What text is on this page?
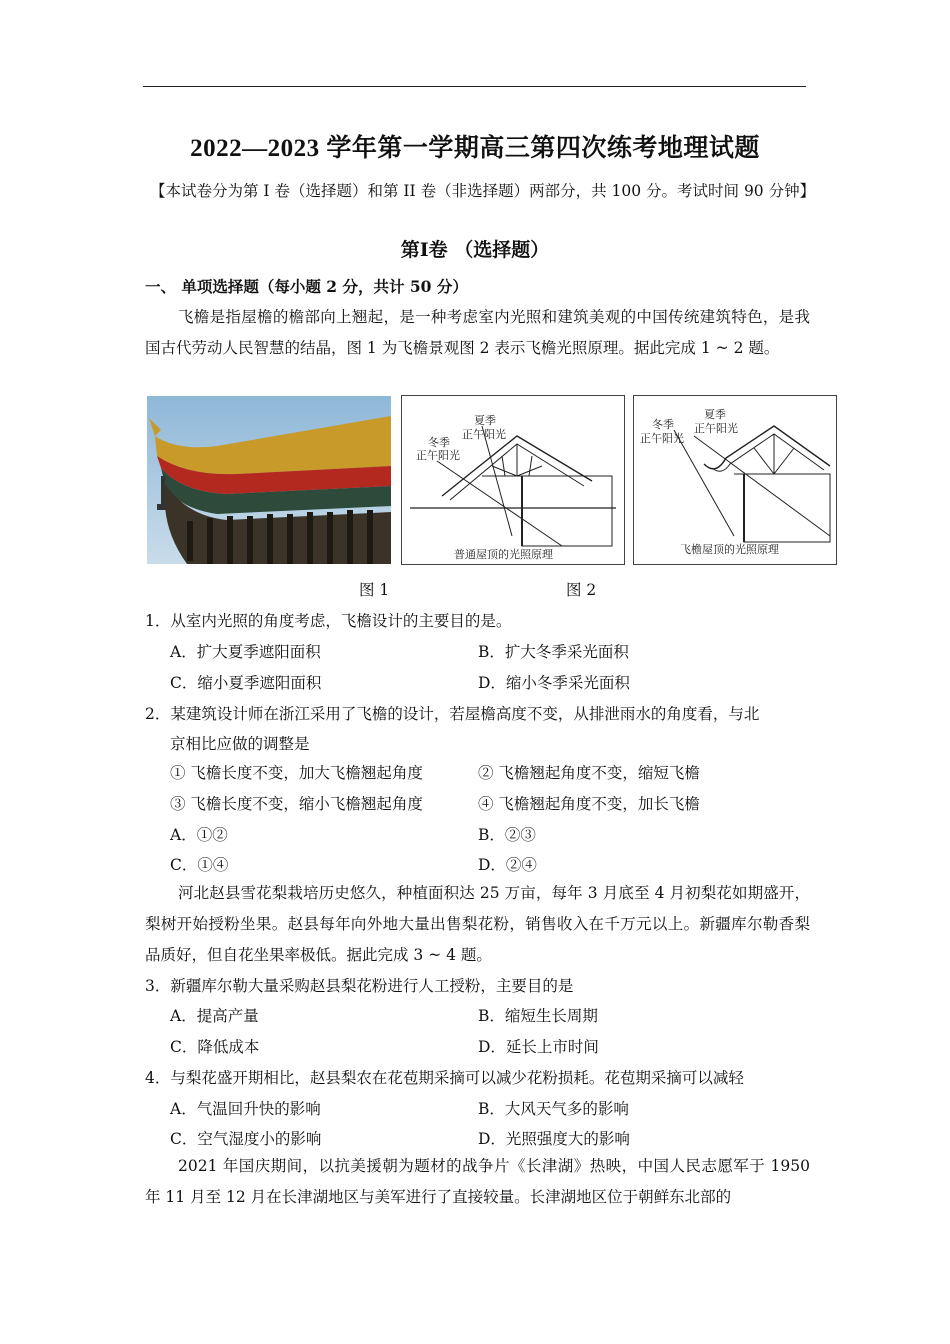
2022—2023 学年第一学期高三第四次练考地理试题
【本试卷分为第 I 卷（选择题）和第 II 卷（非选择题）两部分，共 100 分。考试时间 90 分钟】
第Ⅰ卷 （选择题）
一、 单项选择题（每小题 2 分，共计 50 分）
飞檐是指屋檐的檐部向上翘起，是一种考虑室内光照和建筑美观的中国传统建筑特色，是我国古代劳动人民智慧的结晶，图 1 为飞檐景观图 2 表示飞檐光照原理。据此完成 1 ~ 2 题。
夏季
正午阳光
冬季
正午阳光
普通屋顶的光照原理
冬季
正午阳光
夏季
正午阳光
飞檐屋顶的光照原理
图 1	图 2
1．从室内光照的角度考虑，飞檐设计的主要目的是。
A．扩大夏季遮阳面积	B．扩大冬季采光面积
C．缩小夏季遮阳面积	D．缩小冬季采光面积
2．某建筑设计师在浙江采用了飞檐的设计，若屋檐高度不变，从排泄雨水的角度看，与北
京相比应做的调整是
① 飞檐长度不变，加大飞檐翘起角度	② 飞檐翘起角度不变，缩短飞檐
③ 飞檐长度不变，缩小飞檐翘起角度	④ 飞檐翘起角度不变，加长飞檐
A．①②	B．②③
C．①④	D．②④
河北赵县雪花梨栽培历史悠久，种植面积达 25 万亩，每年 3 月底至 4 月初梨花如期盛开，梨树开始授粉坐果。赵县每年向外地大量出售梨花粉，销售收入在千万元以上。新疆库尔勒香梨品质好，但自花坐果率极低。据此完成 3 ~ 4 题。
3．新疆库尔勒大量采购赵县梨花粉进行人工授粉，主要目的是
A．提高产量	B．缩短生长周期
C．降低成本	D．延长上市时间
4．与梨花盛开期相比，赵县梨农在花苞期采摘可以减少花粉损耗。花苞期采摘可以减轻
A．气温回升快的影响	B．大风天气多的影响
C．空气湿度小的影响	D．光照强度大的影响
2021 年国庆期间，以抗美援朝为题材的战争片《长津湖》热映，中国人民志愿军于 1950 年 11 月至 12 月在长津湖地区与美军进行了直接较量。长津湖地区位于朝鲜东北部的
